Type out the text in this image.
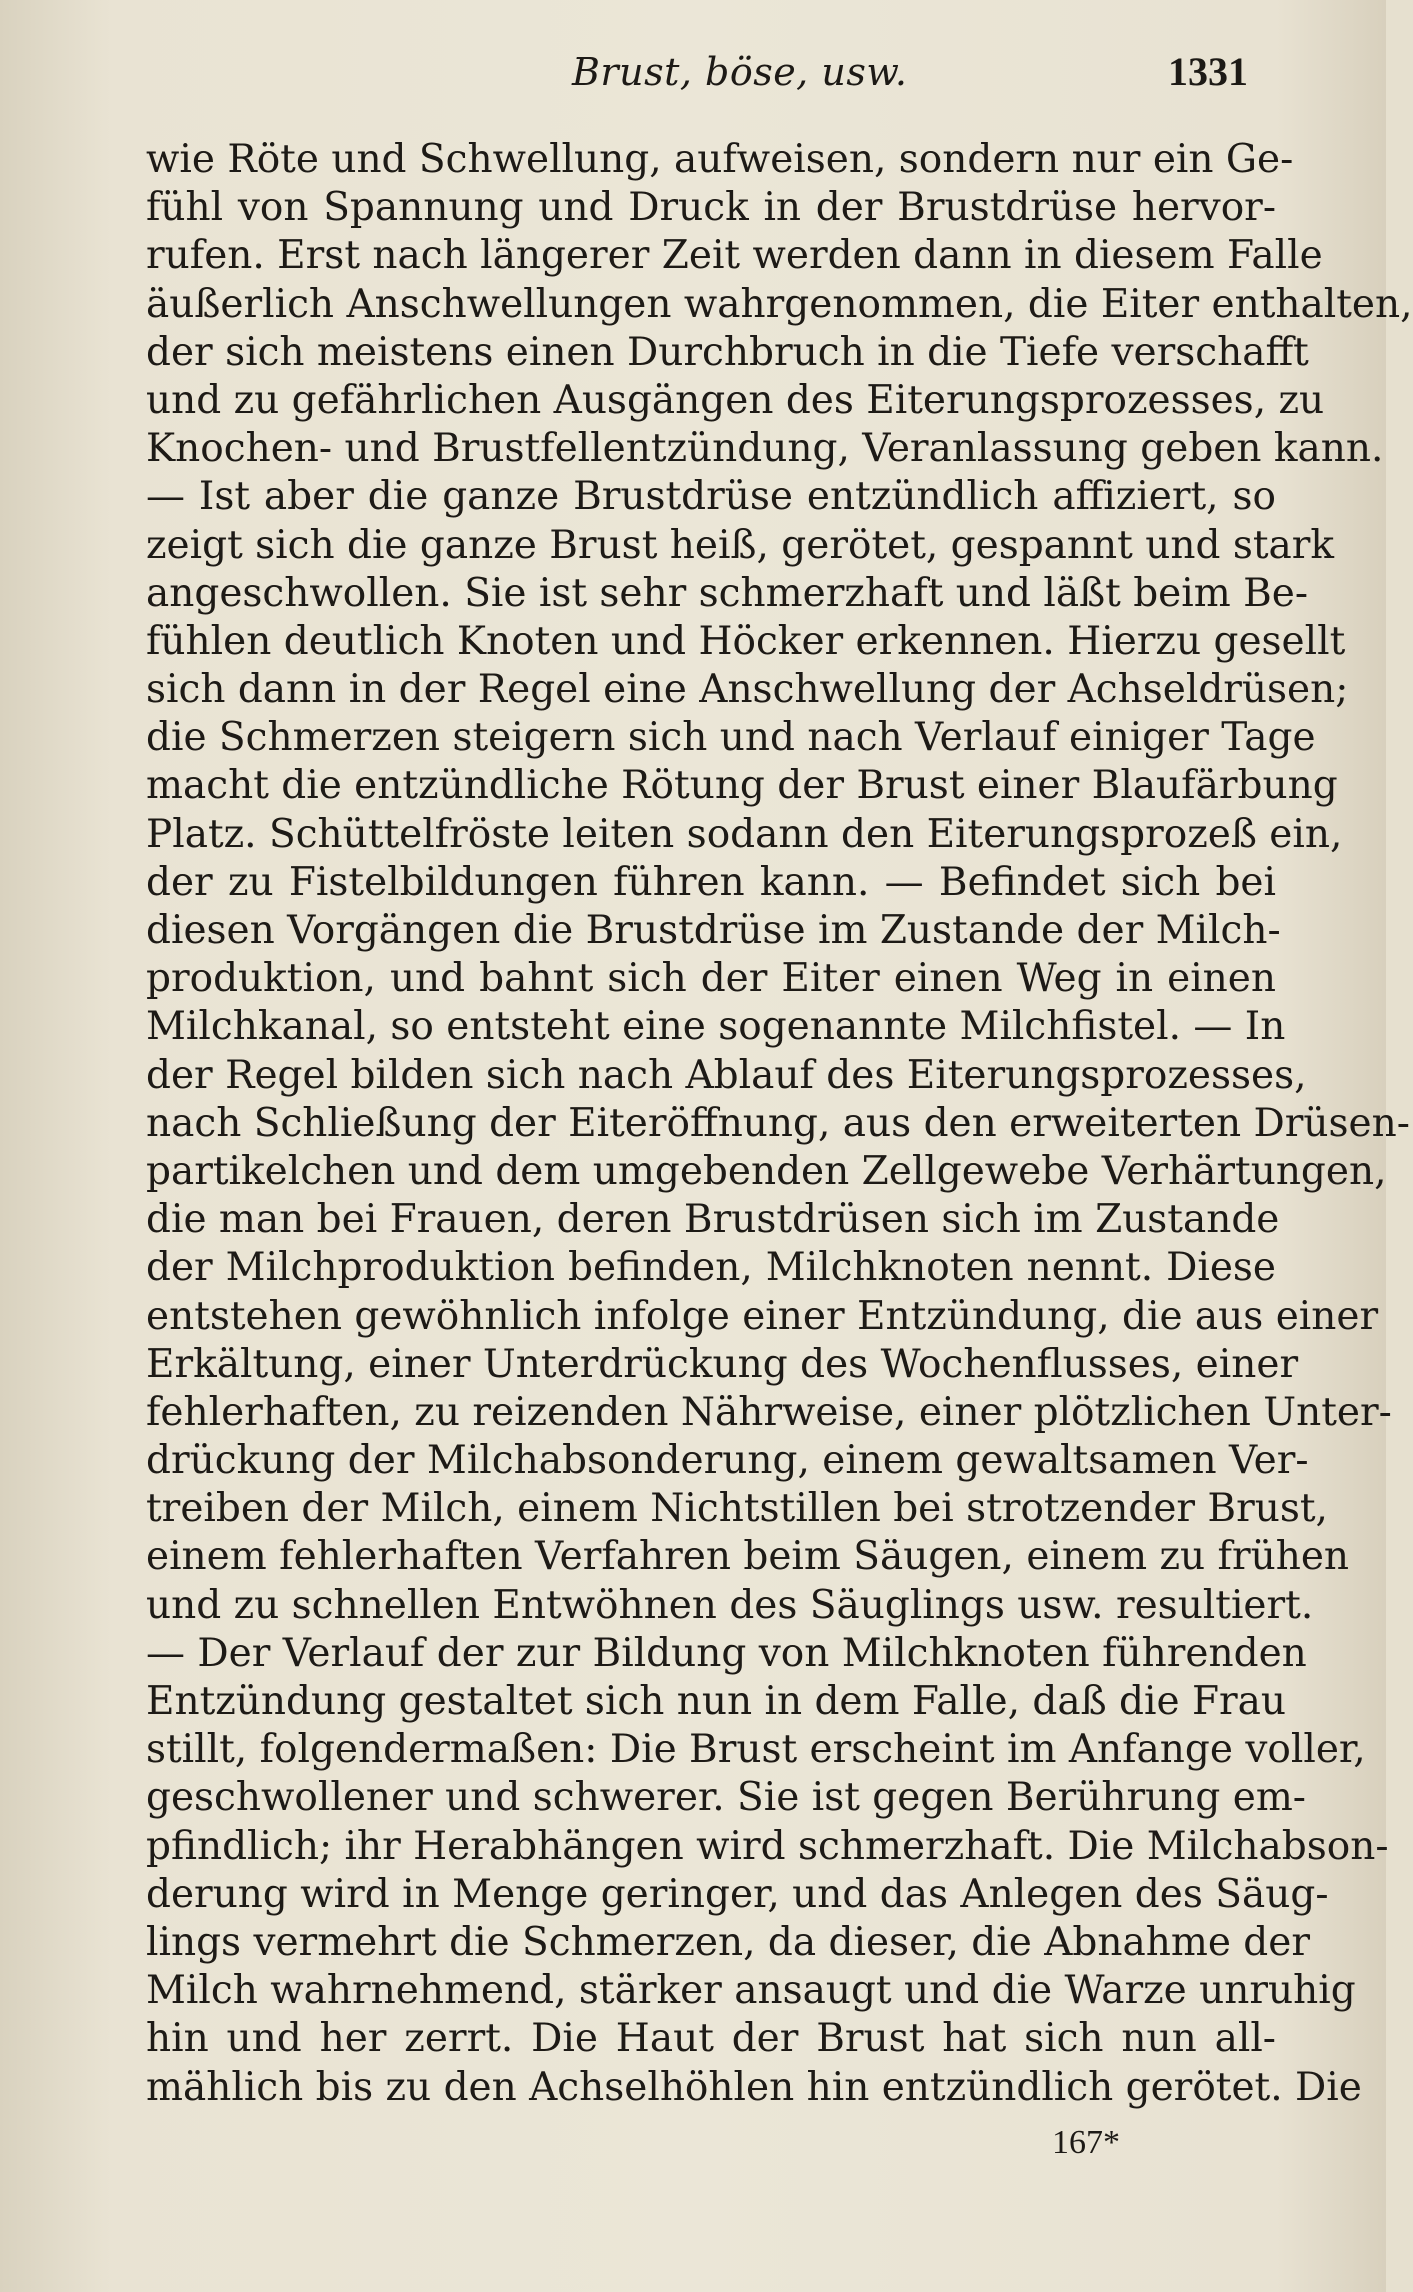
Brust, böse, usw.	1331
wie Röte und Schwellung, aufweisen, sondern nur ein Ge-
fühl von Spannung und Druck in der Brustdrüse hervor-
rufen. Erst nach längerer Zeit werden dann in diesem Falle
äußerlich Anschwellungen wahrgenommen, die Eiter enthalten,
der sich meistens einen Durchbruch in die Tiefe verschafft
und zu gefährlichen Ausgängen des Eiterungsprozesses, zu
Knochen- und Brustfellentzündung, Veranlassung geben kann.
— Ist aber die ganze Brustdrüse entzündlich affiziert, so
zeigt sich die ganze Brust heiß, gerötet, gespannt und stark
angeschwollen. Sie ist sehr schmerzhaft und läßt beim Be-
fühlen deutlich Knoten und Höcker erkennen. Hierzu gesellt
sich dann in der Regel eine Anschwellung der Achseldrüsen;
die Schmerzen steigern sich und nach Verlauf einiger Tage
macht die entzündliche Rötung der Brust einer Blaufärbung
Platz. Schüttelfröste leiten sodann den Eiterungsprozeß ein,
der zu Fistelbildungen führen kann. — Befindet sich bei
diesen Vorgängen die Brustdrüse im Zustande der Milch-
produktion, und bahnt sich der Eiter einen Weg in einen
Milchkanal, so entsteht eine sogenannte Milchfistel. — In
der Regel bilden sich nach Ablauf des Eiterungsprozesses,
nach Schließung der Eiteröffnung, aus den erweiterten Drüsen-
partikelchen und dem umgebenden Zellgewebe Verhärtungen,
die man bei Frauen, deren Brustdrüsen sich im Zustande
der Milchproduktion befinden, Milchknoten nennt. Diese
entstehen gewöhnlich infolge einer Entzündung, die aus einer
Erkältung, einer Unterdrückung des Wochenflusses, einer
fehlerhaften, zu reizenden Nährweise, einer plötzlichen Unter-
drückung der Milchabsonderung, einem gewaltsamen Ver-
treiben der Milch, einem Nichtstillen bei strotzender Brust,
einem fehlerhaften Verfahren beim Säugen, einem zu frühen
und zu schnellen Entwöhnen des Säuglings usw. resultiert.
— Der Verlauf der zur Bildung von Milchknoten führenden
Entzündung gestaltet sich nun in dem Falle, daß die Frau
stillt, folgendermaßen: Die Brust erscheint im Anfange voller,
geschwollener und schwerer. Sie ist gegen Berührung em-
pfindlich; ihr Herabhängen wird schmerzhaft. Die Milchabson-
derung wird in Menge geringer, und das Anlegen des Säug-
lings vermehrt die Schmerzen, da dieser, die Abnahme der
Milch wahrnehmend, stärker ansaugt und die Warze unruhig
hin und her zerrt. Die Haut der Brust hat sich nun all-
mählich bis zu den Achselhöhlen hin entzündlich gerötet. Die
167*
